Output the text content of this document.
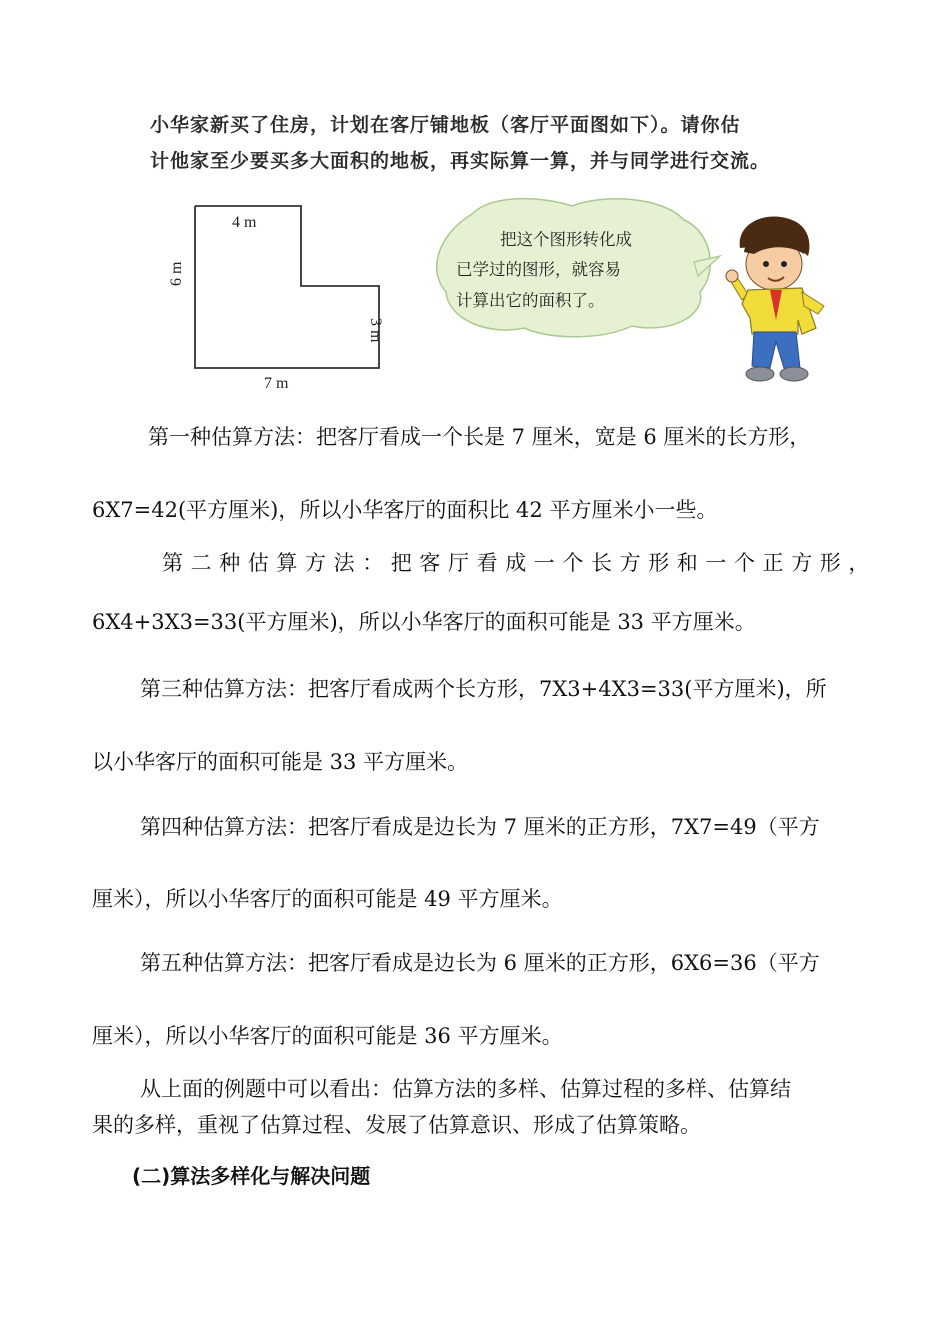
小华家新买了住房，计划在客厅铺地板（客厅平面图如下）。请你估
计他家至少要买多大面积的地板，再实际算一算，并与同学进行交流。
4 m
6 m
3 m
7 m
把这个图形转化成
已学过的图形，就容易
计算出它的面积了。
第一种估算方法：把客厅看成一个长是 7 厘米，宽是 6 厘米的长方形，
6X7=42(平方厘米)，所以小华客厅的面积比 42 平方厘米小一些。
第二种估算方法：把客厅看成一个长方形和一个正方形，
6X4+3X3=33(平方厘米)，所以小华客厅的面积可能是 33 平方厘米。
第三种估算方法：把客厅看成两个长方形，7X3+4X3=33(平方厘米)，所
以小华客厅的面积可能是 33 平方厘米。
第四种估算方法：把客厅看成是边长为 7 厘米的正方形，7X7=49（平方
厘米），所以小华客厅的面积可能是 49 平方厘米。
第五种估算方法：把客厅看成是边长为 6 厘米的正方形，6X6=36（平方
厘米），所以小华客厅的面积可能是 36 平方厘米。
从上面的例题中可以看出：估算方法的多样、估算过程的多样、估算结
果的多样，重视了估算过程、发展了估算意识、形成了估算策略。
(二)算法多样化与解决问题
